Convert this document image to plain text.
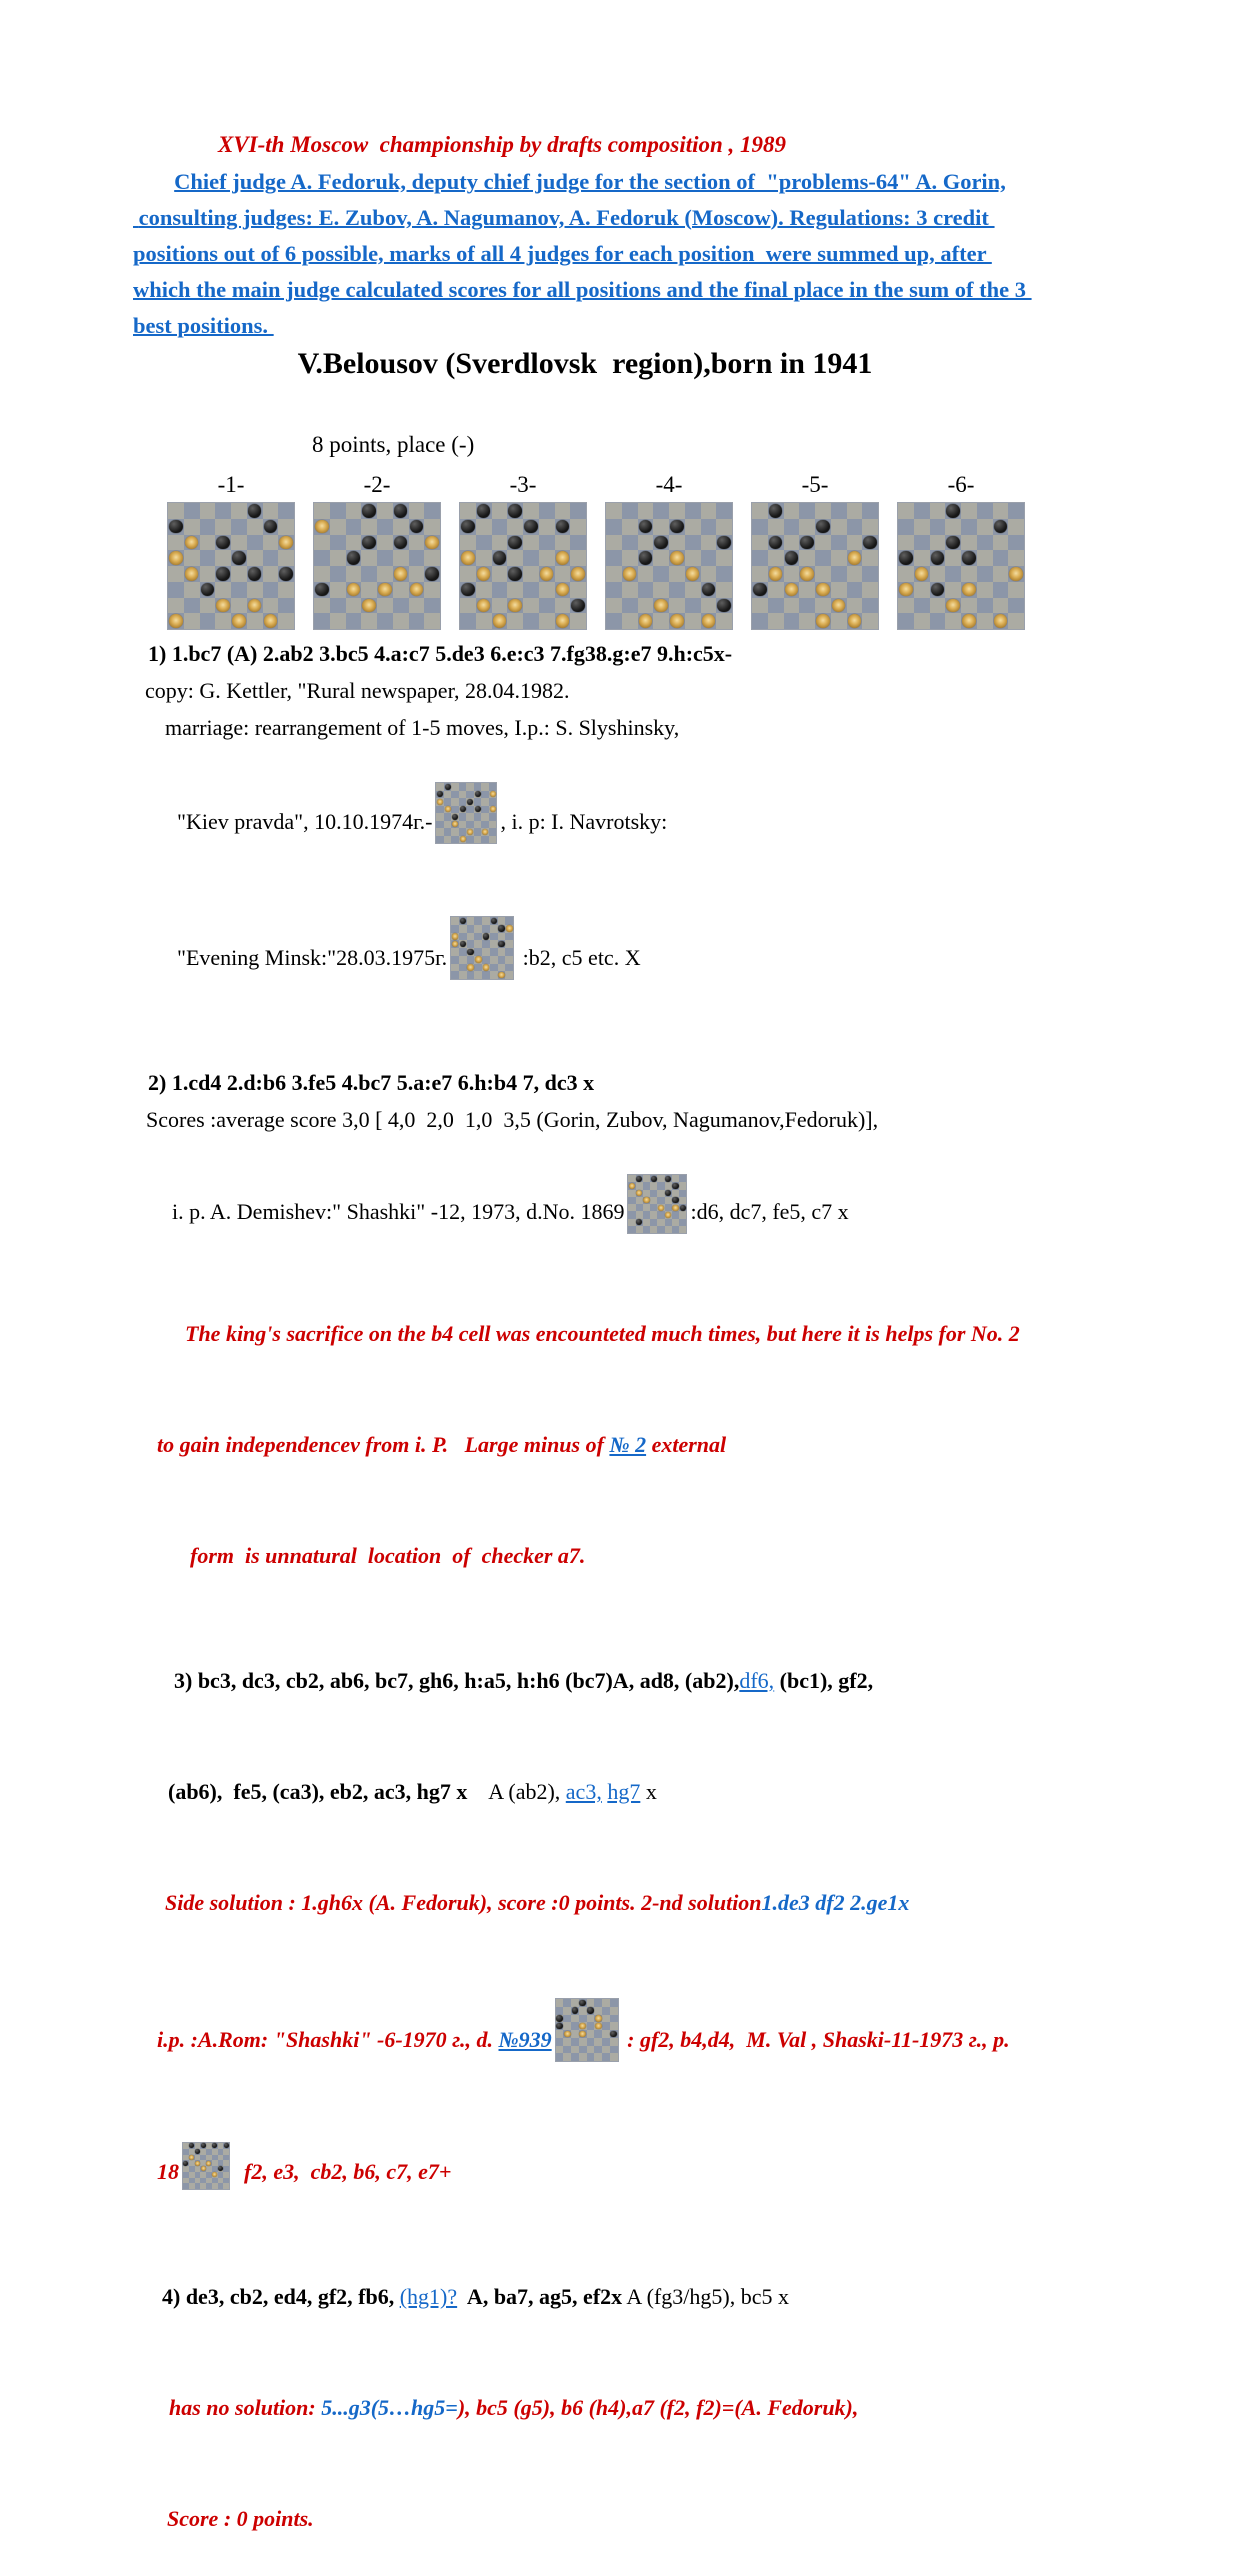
XVI-th Moscow  championship by drafts composition , 1989
Chief judge A. Fedoruk, deputy chief judge for the section of  "problems-64" A. Gorin,
consulting judges: E. Zubov, A. Nagumanov, A. Fedoruk (Moscow). Regulations: 3 credit
positions out of 6 possible, marks of all 4 judges for each position  were summed up, after
which the main judge calculated scores for all positions and the final place in the sum of the 3
best positions.
V.Belousov (Sverdlovsk  region),born in 1941
8 points, place (-)
-1-	-2-	-3-	-4-	-5-	-6-
1) 1.bc7 (A) 2.ab2 3.bc5 4.a:c7 5.de3 6.e:c3 7.fg38.g:e7 9.h:c5x-
copy: G. Kettler, "Rural newspaper, 28.04.1982.
marriage: rearrangement of 1-5 moves, I.p.: S. Slyshinsky,

"Kiev pravda", 10.10.1974г.-	, i. p: I. Navrotsky:

"Evening Minsk:"28.03.1975г.	:b2, c5 etc. X

2) 1.cd4 2.d:b6 3.fe5 4.bc7 5.a:e7 6.h:b4 7, dc3 x
Scores :average score 3,0 [ 4,0  2,0  1,0  3,5 (Gorin, Zubov, Nagumanov,Fedoruk)],

i. p. A. Demishev:" Shashki" -12, 1973, d.No. 1869	:d6, dc7, fe5, c7 x

The king's sacrifice on the b4 cell was encounteted much times, but here it is helps for No. 2

to gain independencev from i. P.   Large minus of № 2 external

form  is unnatural  location  of  checker a7.

3) bc3, dc3, cb2, ab6, bc7, gh6, h:a5, h:h6 (bc7)A, ad8, (ab2),df6, (bc1), gf2,

(ab6),  fe5, (ca3), eb2, ac3, hg7 x    A (ab2), ac3, hg7 x

Side solution : 1.gh6x (A. Fedoruk), score :0 points. 2-nd solution1.de3 df2 2.ge1x

i.p. :A.Rom: "Shashki" -6-1970 г., d. №939	: gf2, b4,d4,  M. Val , Shaski-11-1973 г., p.

18
f2, e3,  cb2, b6, c7, e7+

4) de3, cb2, ed4, gf2, fb6, (hg1)?  A, ba7, ag5, ef2x A (fg3/hg5), bc5 x

has no solution: 5...g3(5…hg5=), bc5 (g5), b6 (h4),a7 (f2, f2)=(A. Fedoruk),

Score : 0 points.
